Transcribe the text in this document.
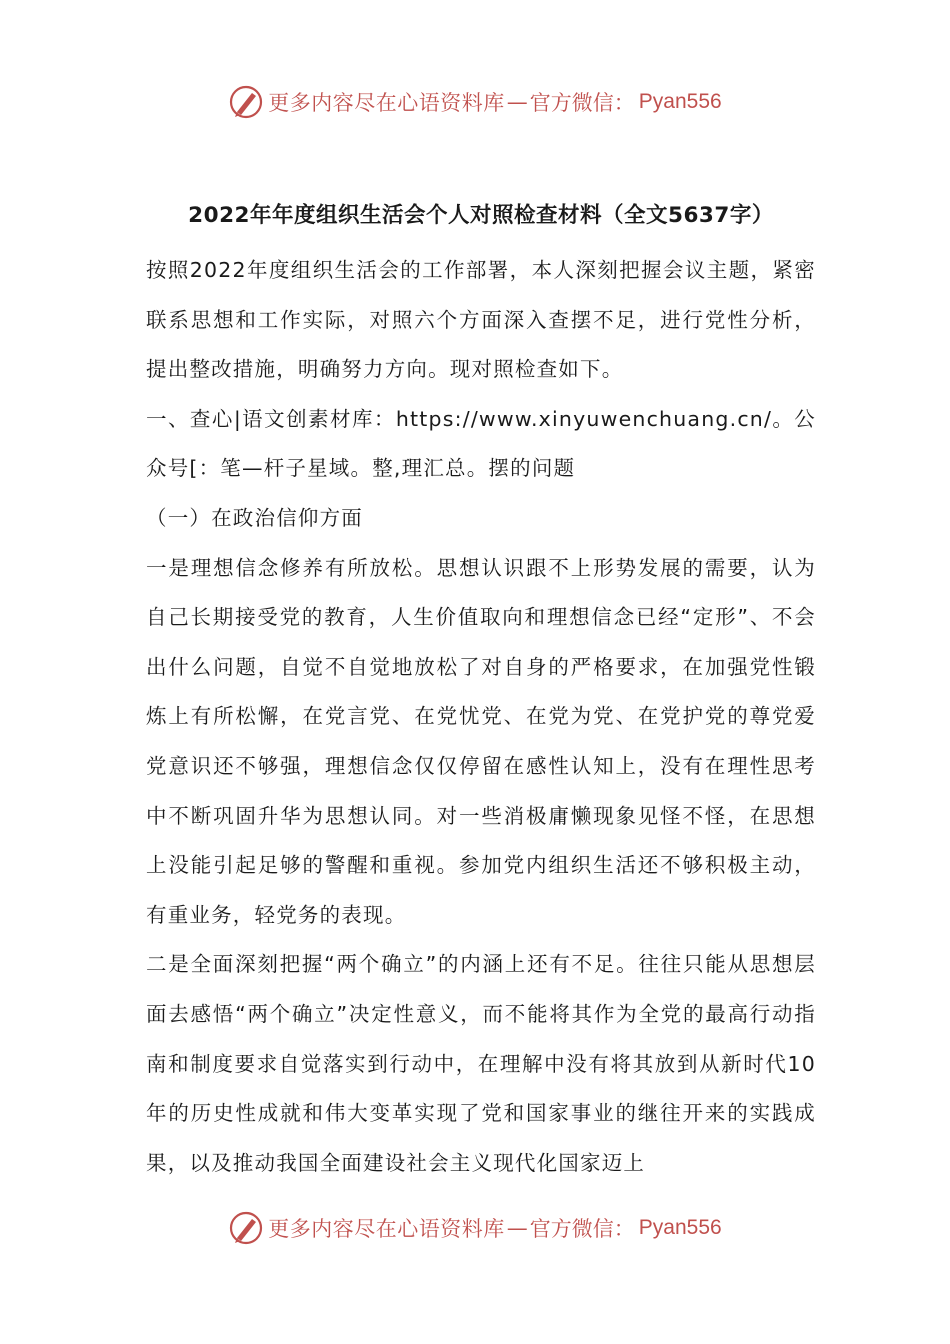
更多内容尽在心语资料库 — 官方微信： Pyan556
2022年年度组织生活会个人对照检查材料（全文5637字）

按照2022年度组织生活会的工作部署，本人深刻把握会议主题，紧密联系思想和工作实际，对照六个方面深入查摆不足，进行党性分析，提出整改措施，明确努力方向。现对照检查如下。

一、查心|语文创素材库：https://www.xinyuwenchuang.cn/。公众号[：笔—杆子星域。整,理汇总。摆的问题

（一）在政治信仰方面

一是理想信念修养有所放松。思想认识跟不上形势发展的需要，认为自己长期接受党的教育，人生价值取向和理想信念已经“定形”、不会出什么问题，自觉不自觉地放松了对自身的严格要求，在加强党性锻炼上有所松懈，在党言党、在党忧党、在党为党、在党护党的尊党爱党意识还不够强，理想信念仅仅停留在感性认知上，没有在理性思考中不断巩固升华为思想认同。对一些消极庸懒现象见怪不怪，在思想上没能引起足够的警醒和重视。参加党内组织生活还不够积极主动，有重业务，轻党务的表现。

二是全面深刻把握“两个确立”的内涵上还有不足。往往只能从思想层面去感悟“两个确立”决定性意义，而不能将其作为全党的最高行动指南和制度要求自觉落实到行动中，在理解中没有将其放到从新时代10年的历史性成就和伟大变革实现了党和国家事业的继往开来的实践成果，以及推动我国全面建设社会主义现代化国家迈上

更多内容尽在心语资料库 — 官方微信： Pyan556
